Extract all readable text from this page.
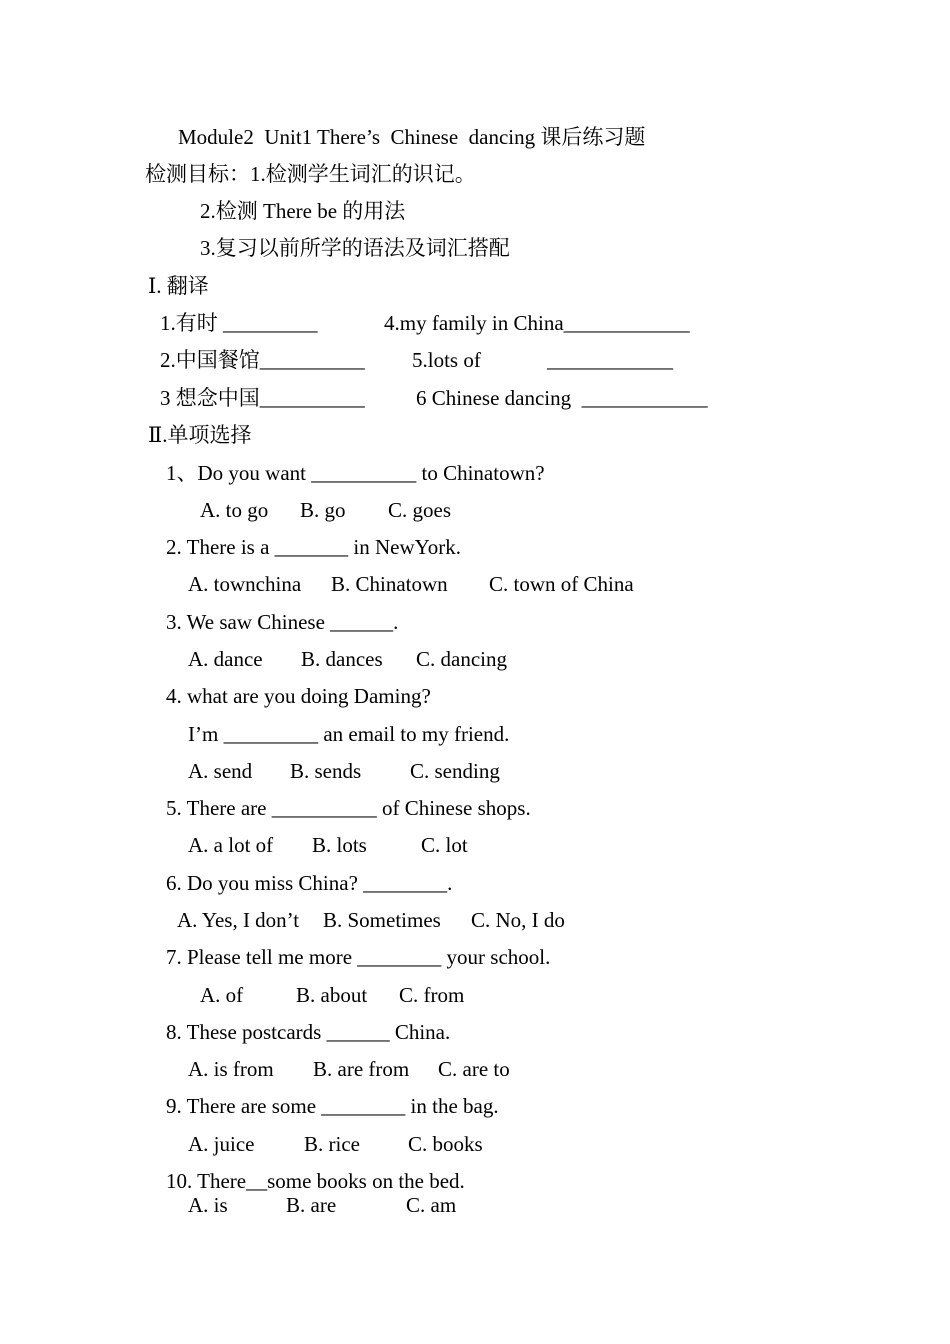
Module2  Unit1 There’s  Chinese  dancing 课后练习题
检测目标：1.检测学生词汇的识记。
2.检测 There be 的用法
3.复习以前所学的语法及词汇搭配
Ⅰ. 翻译
1.有时 _________	4.my family in China____________
2.中国餐馆__________ 5.lots of	____________
3 想念中国__________ 6 Chinese dancing  ____________
Ⅱ.单项选择
1、Do you want __________ to Chinatown?
A. to go B. go C. goes
2. There is a _______ in NewYork.
A. townchina B. Chinatown C. town of China
3. We saw Chinese ______.
A. dance B. dances C. dancing
4. what are you doing Daming?
I’m _________ an email to my friend.
A. send B. sends C. sending
5. There are __________ of Chinese shops.
A. a lot of B. lots	C. lot
6. Do you miss China? ________.
A. Yes, I don’t B. Sometimes C. No, I do
7. Please tell me more ________ your school.
A. of	B. about C. from
8. These postcards ______ China.
A. is from B. are from C. are to
9. There are some ________ in the bag.
A. juice B. rice C. books
10. There__some books on the bed.
A. is	B. are	C. am
